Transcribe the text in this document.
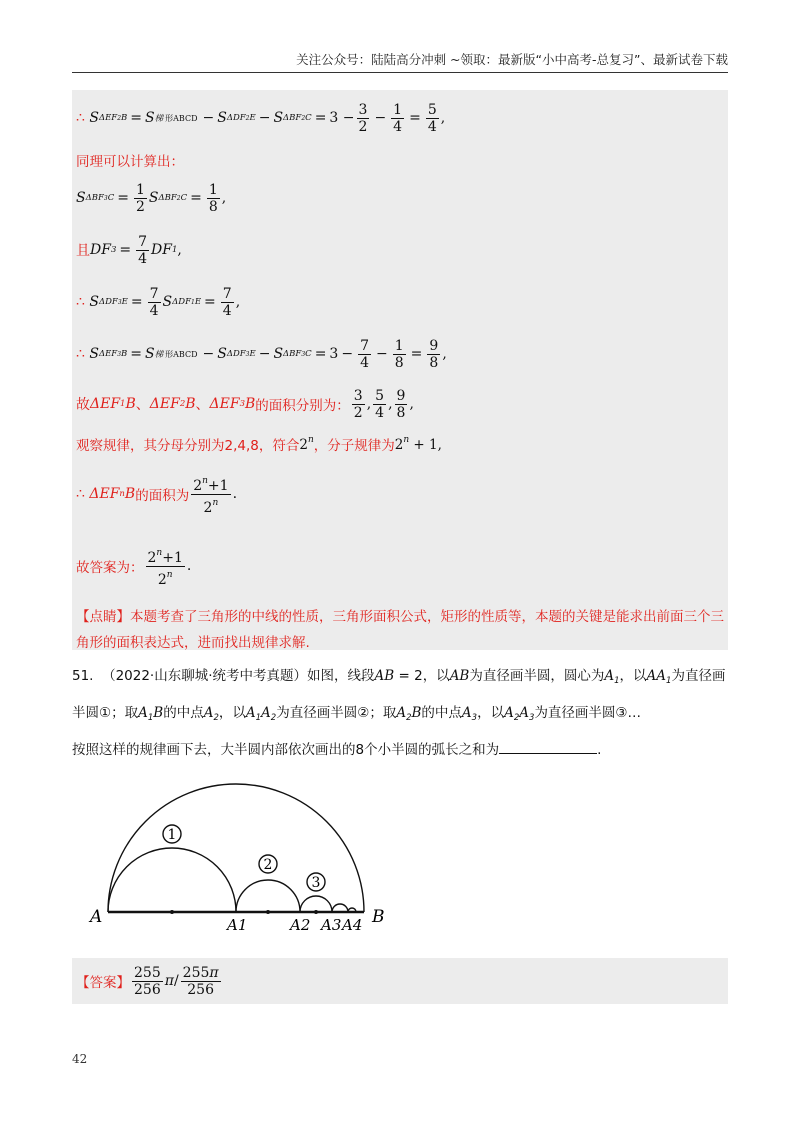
关注公众号：陆陆高分冲刺 ~领取：最新版“小中高考-总复习”、最新试卷下载
∴
S ΔEF2B = S 梯 形ABCD − S ΔDF2E − S $\Delta BF2C = 3 - \frac{3}{2} - \frac{1}{4} = \frac{5}{4}$ ,
同理可以计算出：
S $\Delta BF3C = \frac{1}{2}$ S $\Delta BF2C = \frac{1}{8}$ ,
且 DF $3 = \frac{7}{4}$ DF 1 ,
∴
S $\Delta DF3E = \frac{7}{4}$ S $\Delta DF1E = \frac{7}{4}$ ,
∴
S ΔEF3B = S 梯 形ABCD − S ΔDF3E − S $\Delta BF3C = 3 - \frac{7}{4} - \frac{1}{8} = \frac{9}{8}$ ,
故 ΔEF 1 B 、 ΔEF 2 B 、 ΔEF 3 B 的面积分别为： $\frac{3}{2}$ , $\frac{5}{4}$ , $\frac{9}{8}$ ,
观察规律，其分母分别为2,4,8，符合 2$^n$ ，分子规律为 $2^n + 1$,
∴
ΔEF n B 的面积为 $\frac{2^n+1}{2^n}$ .
故答案为： $\frac{2^n+1}{2^n}$ .
【点睛】本题考查了三角形的中线的性质，三角形面积公式，矩形的性质等，本题的关键是能求出前面三个三角形的面积表达式，进而找出规律求解.
51. （2022·山东聊城·统考中考真题）如图，线段AB = 2，以AB为直径画半圆，圆心为$A_1$，以$AA_1$为直径画半圆①；取$A_1B$的中点$A_2$，以$A_1A_2$为直径画半圆②；取$A_2B$的中点$A_3$，以$A_2A_3$为直径画半圆③…
按照这样的规律画下去，大半圆内部依次画出的8个小半圆的弧长之和为	.
1
2
3
A	A1	A2 A3 A4 B
【答案】 $\frac{255}{256}$ π / $\frac{255\pi}{256}$
42
